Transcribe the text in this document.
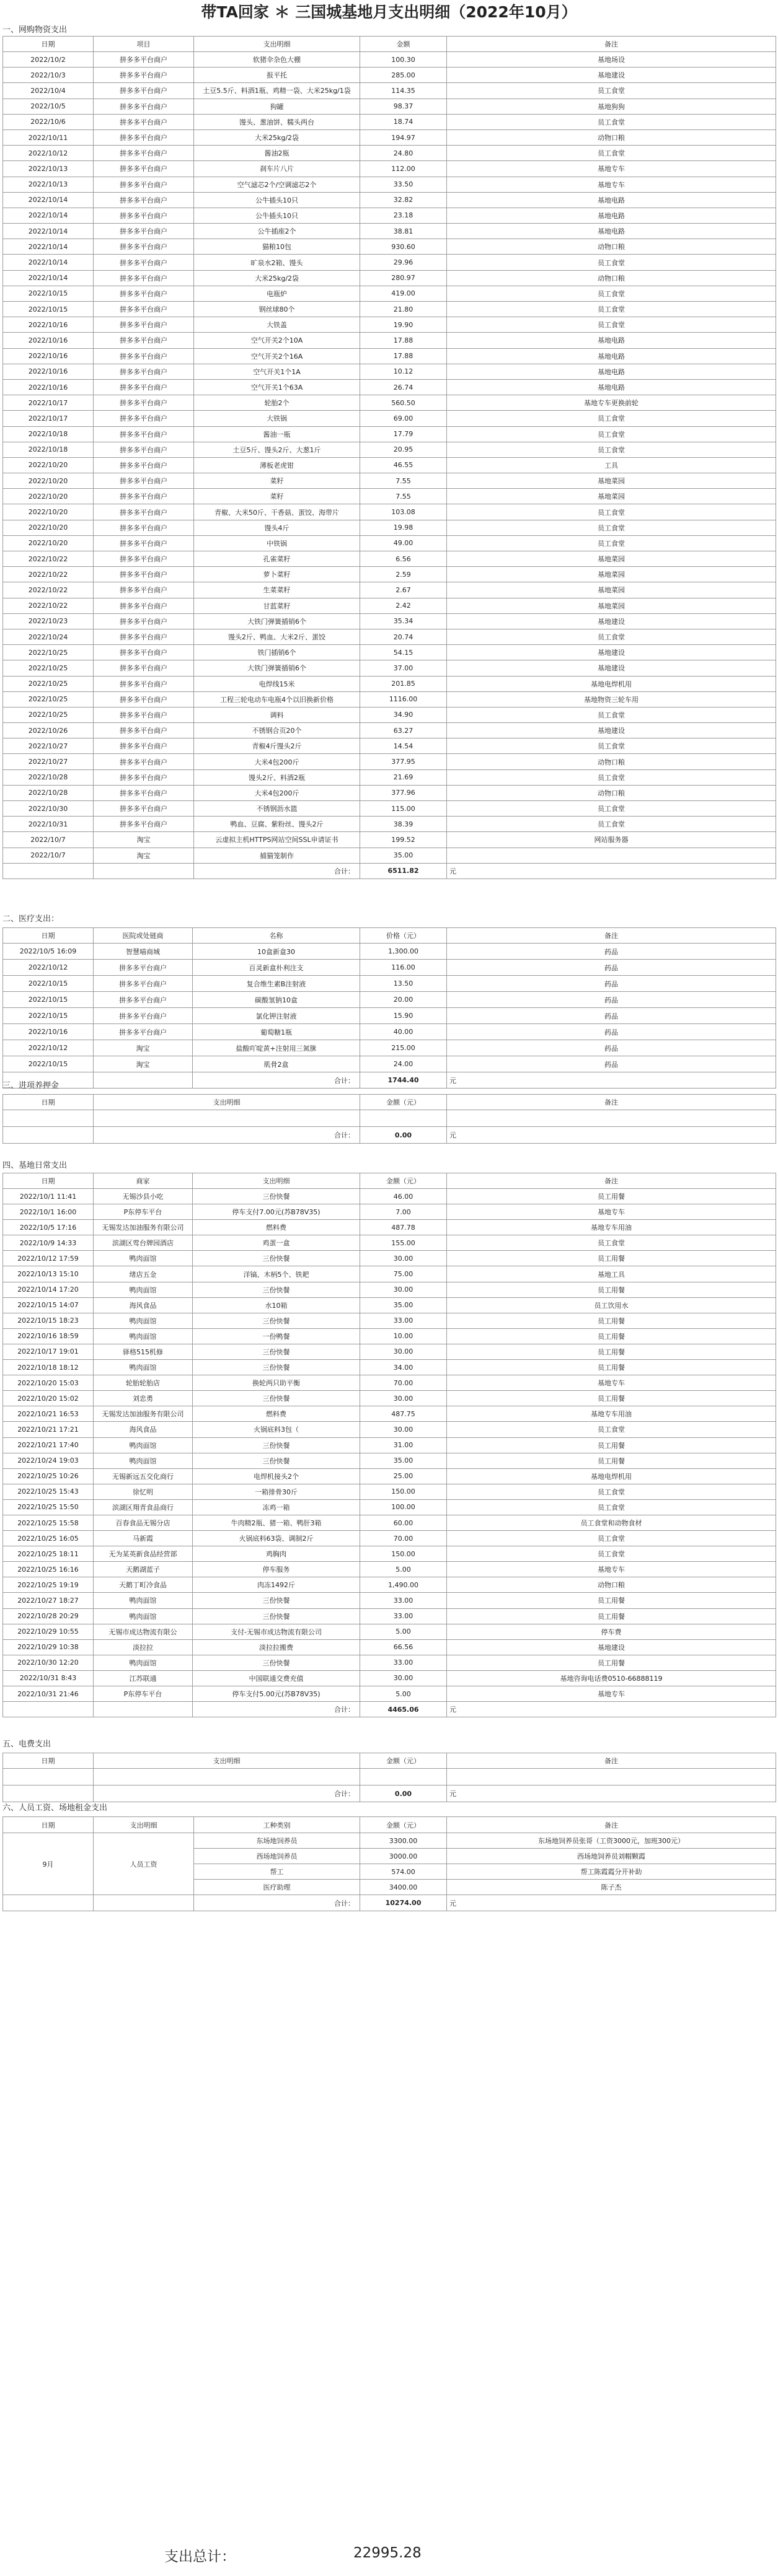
带TA回家 ＊ 三国城基地月支出明细（2022年10月）
一、网购物资支出
日期	项目	支出明细	金额	备注
2022/10/2	拼多多平台商户	软猪伞杂色大棚	100.30	基地场设
2022/10/3	拼多多平台商户	报平托	285.00	基地建设
2022/10/4	拼多多平台商户	土豆5.5斤、料酒1瓶、鸡精一袋、大米25kg/1袋	114.35	员工食堂
2022/10/5	拼多多平台商户	狗罐	98.37	基地狗狗
2022/10/6	拼多多平台商户	馒头、葱油饼、糯头两台	18.74	员工食堂
2022/10/11	拼多多平台商户	大米25kg/2袋	194.97	动物口粮
2022/10/12	拼多多平台商户	酱油2瓶	24.80	员工食堂
2022/10/13	拼多多平台商户	刹车片八片	112.00	基地专车
2022/10/13	拼多多平台商户	空气滤芯2个/空调滤芯2个	33.50	基地专车
2022/10/14	拼多多平台商户	公牛插头10只	32.82	基地电路
2022/10/14	拼多多平台商户	公牛插头10只	23.18	基地电路
2022/10/14	拼多多平台商户	公牛插座2个	38.81	基地电路
2022/10/14	拼多多平台商户	猫粮10包	930.60	动物口粮
2022/10/14	拼多多平台商户	旷泉水2箱、馒头	29.96	员工食堂
2022/10/14	拼多多平台商户	大米25kg/2袋	280.97	动物口粮
2022/10/15	拼多多平台商户	电瓶炉	419.00	员工食堂
2022/10/15	拼多多平台商户	钢丝球80个	21.80	员工食堂
2022/10/16	拼多多平台商户	大铁盖	19.90	员工食堂
2022/10/16	拼多多平台商户	空气开关2个10A	17.88	基地电路
2022/10/16	拼多多平台商户	空气开关2个16A	17.88	基地电路
2022/10/16	拼多多平台商户	空气开关1个1A	10.12	基地电路
2022/10/16	拼多多平台商户	空气开关1个63A	26.74	基地电路
2022/10/17	拼多多平台商户	轮胎2个	560.50	基地专车更换前轮
2022/10/17	拼多多平台商户	大铁锅	69.00	员工食堂
2022/10/18	拼多多平台商户	酱油一瓶	17.79	员工食堂
2022/10/18	拼多多平台商户	土豆5斤、馒头2斤、大葱1斤	20.95	员工食堂
2022/10/20	拼多多平台商户	薄板老虎钳	46.55	工具
2022/10/20	拼多多平台商户	菜籽	7.55	基地菜园
2022/10/20	拼多多平台商户	菜籽	7.55	基地菜园
2022/10/20	拼多多平台商户	青椒、大米50斤、干香菇、蛋饺、海带片	103.08	员工食堂
2022/10/20	拼多多平台商户	馒头4斤	19.98	员工食堂
2022/10/20	拼多多平台商户	中铁锅	49.00	员工食堂
2022/10/22	拼多多平台商户	孔雀菜籽	6.56	基地菜园
2022/10/22	拼多多平台商户	萝卜菜籽	2.59	基地菜园
2022/10/22	拼多多平台商户	生菜菜籽	2.67	基地菜园
2022/10/22	拼多多平台商户	甘蓝菜籽	2.42	基地菜园
2022/10/23	拼多多平台商户	大铁门弹簧插销6个	35.34	基地建设
2022/10/24	拼多多平台商户	馒头2斤、鸭血、大米2斤、蛋饺	20.74	员工食堂
2022/10/25	拼多多平台商户	铁门插销6个	54.15	基地建设
2022/10/25	拼多多平台商户	大铁门弹簧插销6个	37.00	基地建设
2022/10/25	拼多多平台商户	电焊线15米	201.85	基地电焊机用
2022/10/25	拼多多平台商户	工程三轮电动车电瓶4个以旧换新价格	1116.00	基地物资三轮车用
2022/10/25	拼多多平台商户	调料	34.90	员工食堂
2022/10/26	拼多多平台商户	不锈钢合页20个	63.27	基地建设
2022/10/27	拼多多平台商户	青椒4斤馒头2斤	14.54	员工食堂
2022/10/27	拼多多平台商户	大米4包200斤	377.95	动物口粮
2022/10/28	拼多多平台商户	馒头2斤、料酒2瓶	21.69	员工食堂
2022/10/28	拼多多平台商户	大米4包200斤	377.96	动物口粮
2022/10/30	拼多多平台商户	不锈钢沥水篮	115.00	员工食堂
2022/10/31	拼多多平台商户	鸭血、豆腐、紫粉丝、馒头2斤	38.39	员工食堂
2022/10/7	淘宝	云虚拟主机HTTPS网站空间SSL申请证书	199.52	网站服务器
2022/10/7	淘宝	捕猫笼制作	35.00	
		合计：	6511.82	元
二、医疗支出：
日期	医院或处链商	名称	价格（元）	备注
2022/10/5 16:09	智慧喵商城	10盒新盒30	1,300.00	药品
2022/10/12	拼多多平台商户	百灵新盒朴利注支	116.00	药品
2022/10/15	拼多多平台商户	复合维生素B注射液	13.50	药品
2022/10/15	拼多多平台商户	碳酸氢钠10盒	20.00	药品
2022/10/15	拼多多平台商户	氯化钾注射液	15.90	药品
2022/10/16	拼多多平台商户	葡萄糖1瓶	40.00	药品
2022/10/12	淘宝	盐酸吖啶黄+注射用三氮脒	215.00	药品
2022/10/15	淘宝	肌骨2盒	24.00	药品
		合计：	1744.40	元
三、进项养押金
日期	支出明细	金额（元）	备注

	合计：	0.00	元
四、基地日常支出
日期	商家	支出明细	金额（元）	备注
2022/10/1 11:41	无锡沙县小吃	三份快餐	46.00	员工用餐
2022/10/1 16:00	P东停车平台	停车支付7.00元(苏B78V35)	7.00	基地专车
2022/10/5 17:16	无锡发达加油服务有限公司	燃料费	487.78	基地专车用油
2022/10/9 14:33	滨湖区莺台牌园酒店	鸡蛋一盒	155.00	员工食堂
2022/10/12 17:59	鸭肉面馆	三份快餐	30.00	员工用餐
2022/10/13 15:10	绪店五金	洋镐、木柄5个、铁耙	75.00	基地工具
2022/10/14 17:20	鸭肉面馆	三份快餐	30.00	员工用餐
2022/10/15 14:07	海风食品	水10箱	35.00	员工饮用水
2022/10/15 18:23	鸭肉面馆	三份快餐	33.00	员工用餐
2022/10/16 18:59	鸭肉面馆	一份鸭餐	10.00	员工用餐
2022/10/17 19:01	驿格515机修	三份快餐	30.00	员工用餐
2022/10/18 18:12	鸭肉面馆	三份快餐	34.00	员工用餐
2022/10/20 15:03	轮胎轮胎店	换轮两只助平衡	70.00	基地专车
2022/10/20 15:02	刘忠勇	三份快餐	30.00	员工用餐
2022/10/21 16:53	无锡发达加油服务有限公司	燃料费	487.75	基地专车用油
2022/10/21 17:21	海风食品	火锅底料3包（	30.00	员工食堂
2022/10/21 17:40	鸭肉面馆	三份快餐	31.00	员工用餐
2022/10/24 19:03	鸭肉面馆	三份快餐	35.00	员工用餐
2022/10/25 10:26	无锡新远五交化商行	电焊机接头2个	25.00	基地电焊机用
2022/10/25 15:43	徐忆明	一箱排骨30斤	150.00	员工食堂
2022/10/25 15:50	滨湖区翔青食品商行	冻鸡一箱	100.00	员工食堂
2022/10/25 15:58	百春食品无锡分店	牛肉精2瓶、猪一箱、鸭肝3箱	60.00	员工食堂和动物食材
2022/10/25 16:05	马新霞	火锅底料63袋、调制2斤	70.00	员工食堂
2022/10/25 18:11	无为某英新食品经营部	鸡胸肉	150.00	员工食堂
2022/10/25 16:16	天鹅湖蓝子	停车服务	5.00	基地专车
2022/10/25 19:19	天鹅丁町冷食品	肉冻1492斤	1,490.00	动物口粮
2022/10/27 18:27	鸭肉面馆	三份快餐	33.00	员工用餐
2022/10/28 20:29	鸭肉面馆	三份快餐	33.00	员工用餐
2022/10/29 10:55	无锡市成达物流有限公	支付-无锡市成达物流有限公司	5.00	停车费
2022/10/29 10:38	淡拉拉	淡拉拉搬费	66.56	基地建设
2022/10/30 12:20	鸭肉面馆	三份快餐	33.00	员工用餐
2022/10/31 8:43	江苏联通	中国联通交费充值	30.00	基地咨询电话费0510-66888119
2022/10/31 21:46	P东停车平台	停车支付5.00元(苏B78V35)	5.00	基地专车
		合计：	4465.06	元
五、电费支出
日期	支出明细	金额（元）	备注

	合计：	0.00	元
六、人员工资、场地租金支出
日期	支出明细	工种类别	金额（元）	备注
9月	人员工资	东场地饲养员	3300.00	东场地饲养员张哥（工资3000元，加班300元）
		西场地饲养员	3000.00	西场地饲养员刘帽颗霞
		帮工	574.00	帮工陈霞霞分开补助
		医疗助理	3400.00	陈子杰
		合计：	10274.00	元
支出总计：	22995.28
